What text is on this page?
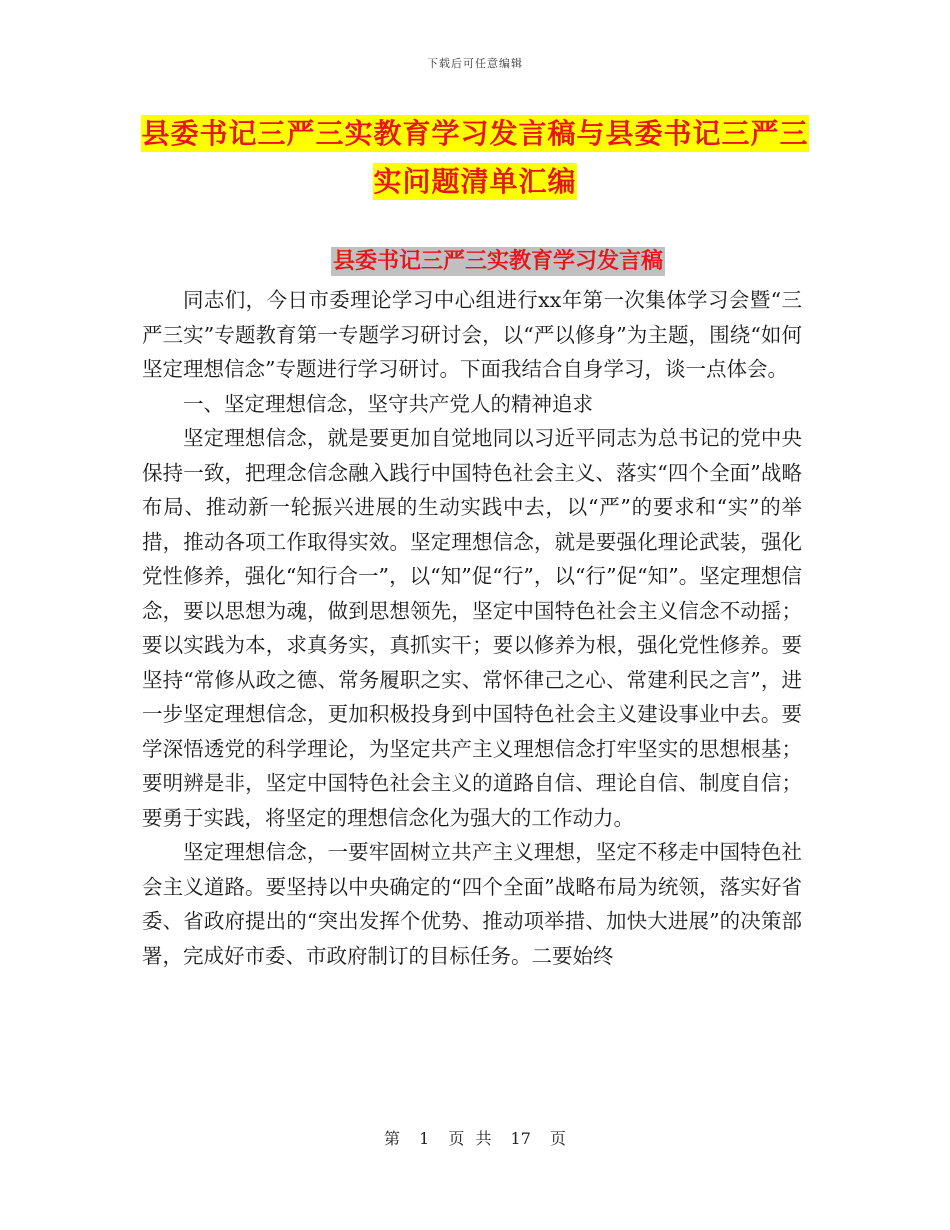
下载后可任意编辑
县委书记三严三实教育学习发言稿与县委书记三严三实问题清单汇编
县委书记三严三实教育学习发言稿

同志们，今日市委理论学习中心组进行xx年第一次集体学习会暨“三严三实”专题教育第一专题学习研讨会，以“严以修身”为主题，围绕“如何坚定理想信念”专题进行学习研讨。下面我结合自身学习，谈一点体会。

一、坚定理想信念，坚守共产党人的精神追求

坚定理想信念，就是要更加自觉地同以习近平同志为总书记的党中央保持一致，把理念信念融入践行中国特色社会主义、落实“四个全面”战略布局、推动新一轮振兴进展的生动实践中去，以“严”的要求和“实”的举措，推动各项工作取得实效。坚定理想信念，就是要强化理论武装，强化党性修养，强化“知行合一”，以“知”促“行”，以“行”促“知”。坚定理想信念，要以思想为魂，做到思想领先，坚定中国特色社会主义信念不动摇；要以实践为本，求真务实，真抓实干；要以修养为根，强化党性修养。要坚持“常修从政之德、常务履职之实、常怀律己之心、常建利民之言”，进一步坚定理想信念，更加积极投身到中国特色社会主义建设事业中去。要学深悟透党的科学理论，为坚定共产主义理想信念打牢坚实的思想根基；要明辨是非，坚定中国特色社会主义的道路自信、理论自信、制度自信；要勇于实践，将坚定的理想信念化为强大的工作动力。

坚定理想信念，一要牢固树立共产主义理想，坚定不移走中国特色社会主义道路。要坚持以中央确定的“四个全面”战略布局为统领，落实好省委、省政府提出的“突出发挥个优势、推动项举措、加快大进展”的决策部署，完成好市委、市政府制订的目标任务。二要始终

第 1 页 共 17 页
